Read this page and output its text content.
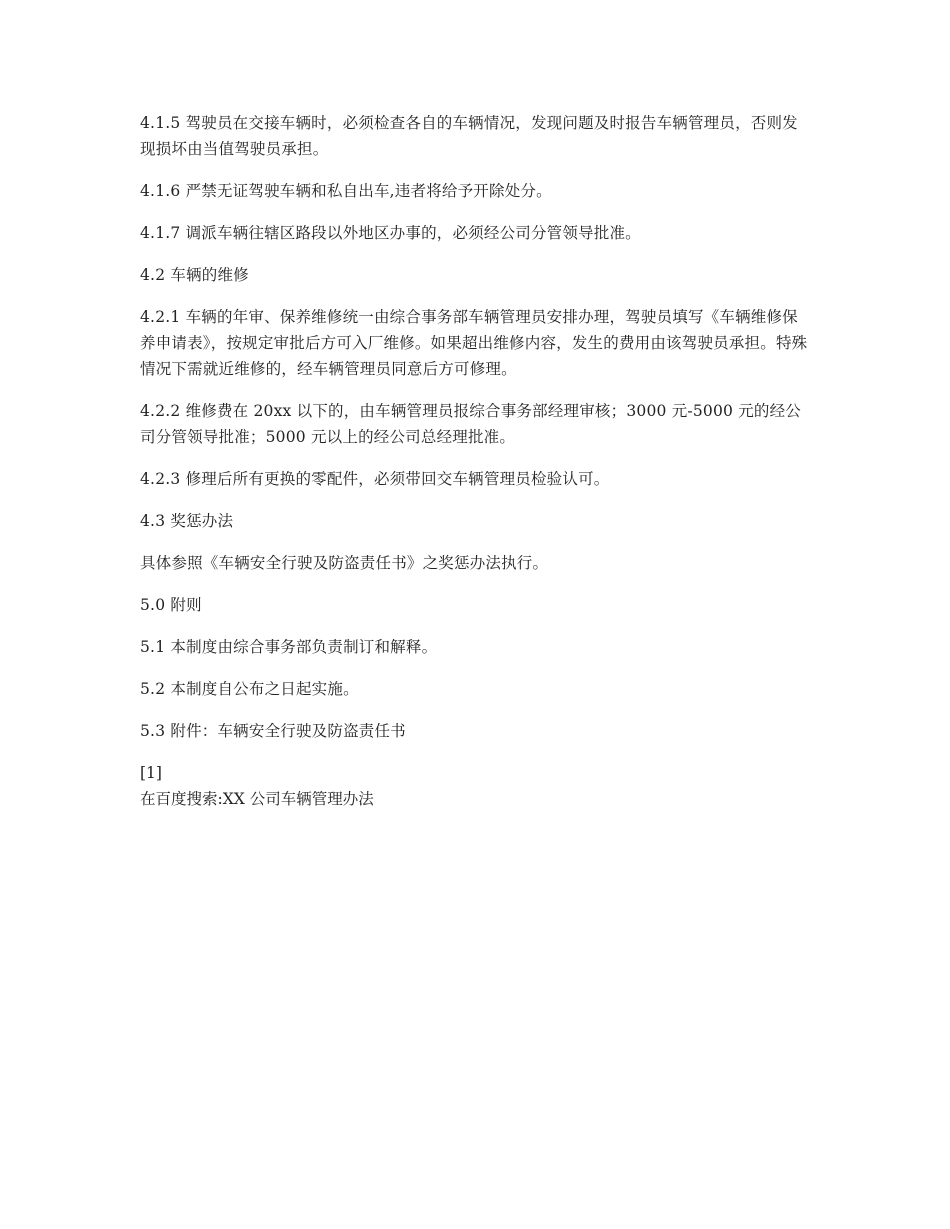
4.1.5 驾驶员在交接车辆时，必须检查各自的车辆情况，发现问题及时报告车辆管理员，否则发现损坏由当值驾驶员承担。

4.1.6 严禁无证驾驶车辆和私自出车,违者将给予开除处分。

4.1.7 调派车辆往辖区路段以外地区办事的，必须经公司分管领导批准。

4.2 车辆的维修

4.2.1 车辆的年审、保养维修统一由综合事务部车辆管理员安排办理，驾驶员填写《车辆维修保养申请表》，按规定审批后方可入厂维修。如果超出维修内容，发生的费用由该驾驶员承担。特殊情况下需就近维修的，经车辆管理员同意后方可修理。

4.2.2 维修费在 20xx 以下的，由车辆管理员报综合事务部经理审核；3000 元-5000 元的经公司分管领导批准；5000 元以上的经公司总经理批准。

4.2.3 修理后所有更换的零配件，必须带回交车辆管理员检验认可。

4.3 奖惩办法

具体参照《车辆安全行驶及防盗责任书》之奖惩办法执行。

5.0 附则

5.1 本制度由综合事务部负责制订和解释。

5.2 本制度自公布之日起实施。

5.3 附件：车辆安全行驶及防盗责任书

[1]
在百度搜索:XX 公司车辆管理办法
